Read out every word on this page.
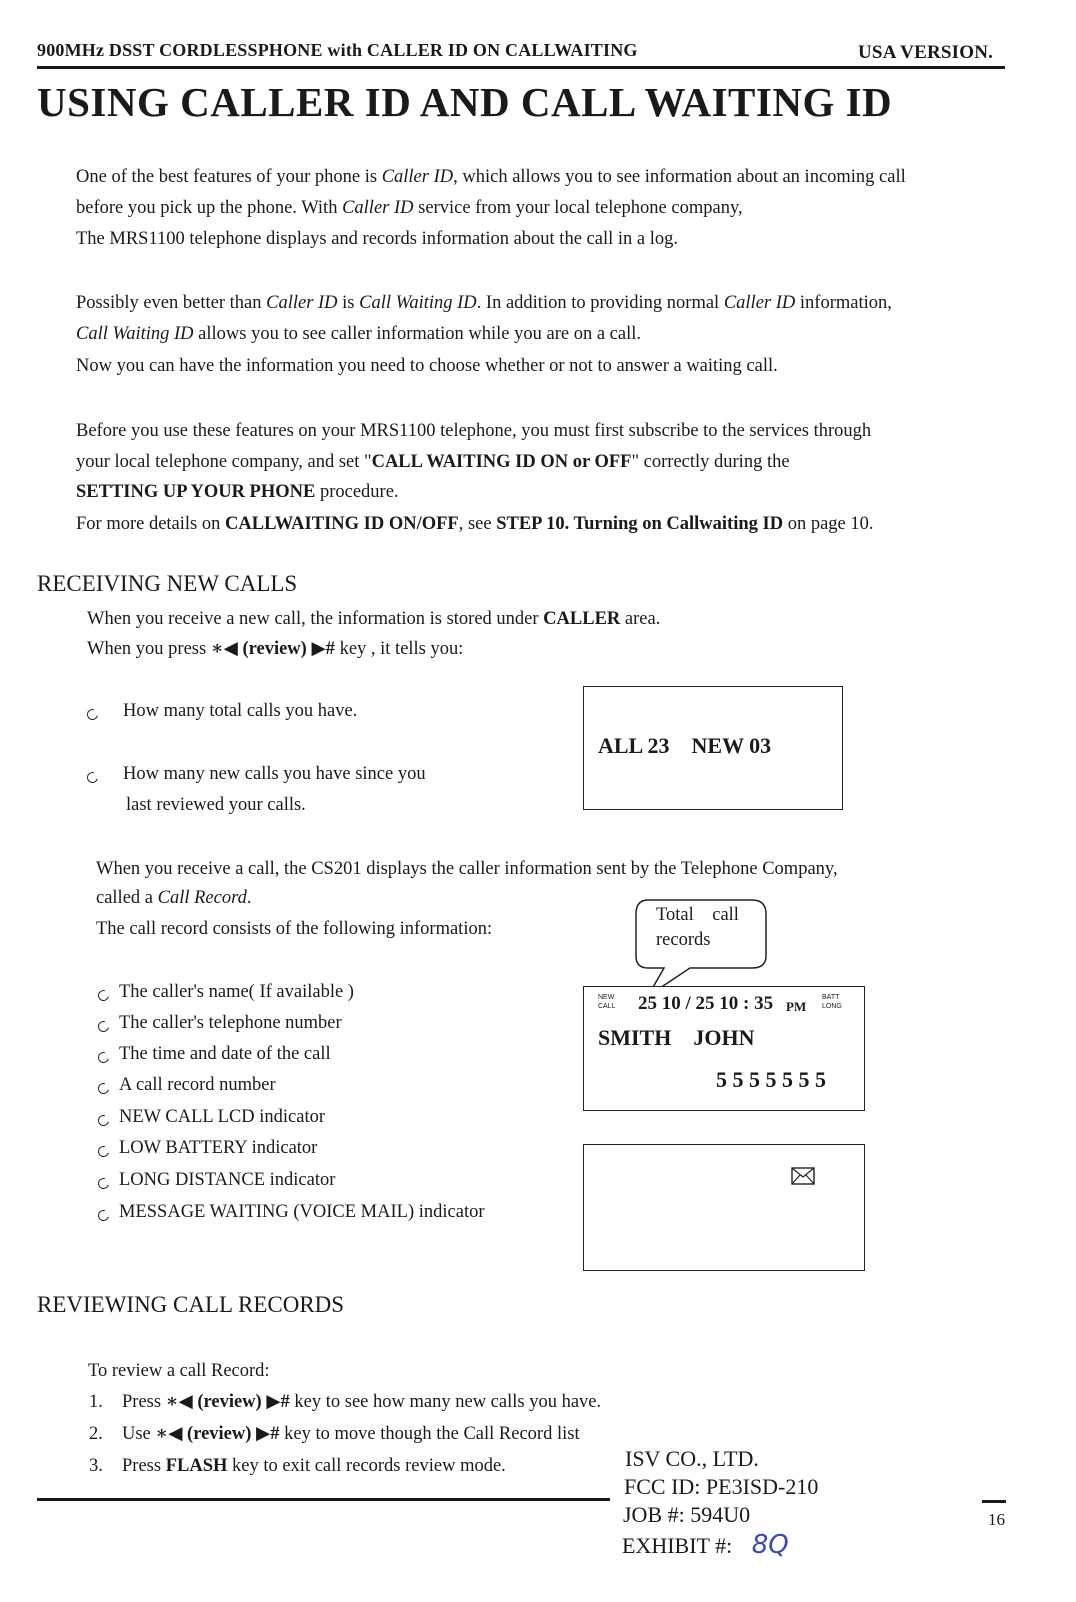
900MHz DSST CORDLESSPHONE with CALLER ID ON CALLWAITING	USA VERSION.
USING CALLER ID AND CALL WAITING ID
One of the best features of your phone is Caller ID, which allows you to see information about an incoming call
before you pick up the phone. With Caller ID service from your local telephone company,
The MRS1100 telephone displays and records information about the call in a log.
Possibly even better than Caller ID is Call Waiting ID. In addition to providing normal Caller ID information,
Call Waiting ID allows you to see caller information while you are on a call.
Now you can have the information you need to choose whether or not to answer a waiting call.
Before you use these features on your MRS1100 telephone, you must first subscribe to the services through
your local telephone company, and set "CALL WAITING ID ON or OFF" correctly during the
SETTING UP YOUR PHONE procedure.
For more details on CALLWAITING ID ON/OFF, see STEP 10. Turning on Callwaiting ID on page 10.
RECEIVING NEW CALLS
When you receive a new call, the information is stored under CALLER area.
When you press ∗◀ (review) ▶# key , it tells you:
How many total calls you have.
How many new calls you have since you
last reviewed your calls.
ALL 23    NEW 03
When you receive a call, the CS201 displays the caller information sent by the Telephone Company,
called a Call Record.
The call record consists of the following information:
Total    call
records
The caller's name( If available )
The caller's telephone number
The time and date of the call
A call record number
NEW CALL LCD indicator
LOW BATTERY indicator
LONG DISTANCE indicator
MESSAGE WAITING (VOICE MAIL) indicator
NEW
CALL 25 10 / 25 10 : 35 PM
BATT
LONG
SMITH    JOHN
5 5 5 5 5 5 5
REVIEWING CALL RECORDS
To review a call Record:
1. Press ∗◀ (review) ▶# key to see how many new calls you have.
2. Use ∗◀ (review) ▶# key to move though the Call Record list
3. Press FLASH key to exit call records review mode.
16
ISV CO., LTD.
FCC ID: PE3ISD-210
JOB #: 594U0
EXHIBIT #: 8Q
